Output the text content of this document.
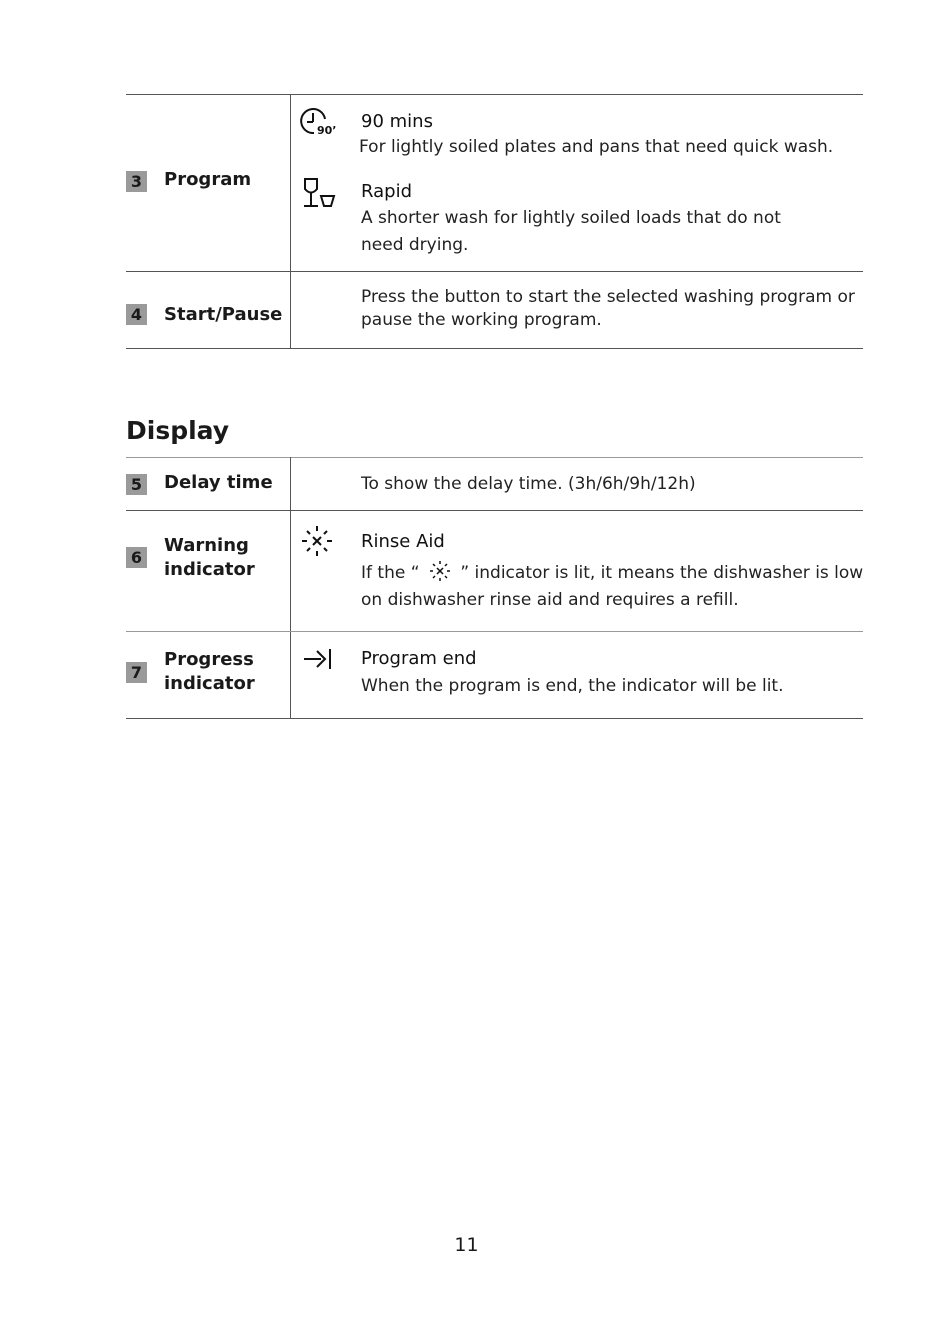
3 Program
90’ 90 mins
For lightly soiled plates and pans that need quick wash.
Rapid
A shorter wash for lightly soiled loads that do not
need drying.
4 Start/Pause
Press the button to start the selected washing program or
pause the working program.
Display
5 Delay time	To show the delay time. (3h/6h/9h/12h)
6
Warning
indicator
Rinse Aid
If the “ ” indicator is lit, it means the dishwasher is low
on dishwasher rinse aid and requires a refill.
7
Progress
indicator
Program end
When the program is end, the indicator will be lit.
11
